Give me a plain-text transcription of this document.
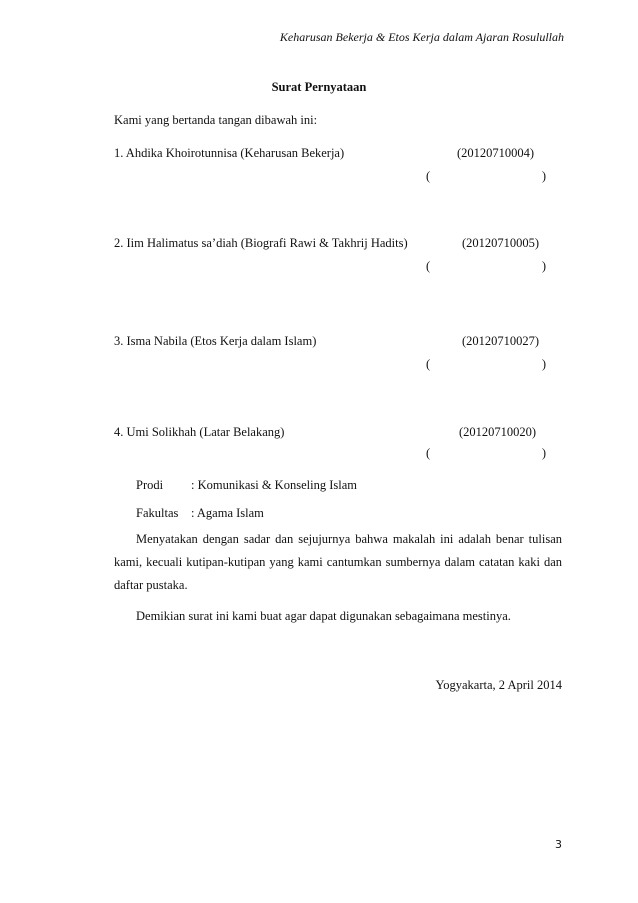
Keharusan Bekerja & Etos Kerja dalam Ajaran Rosulullah
Surat Pernyataan
Kami yang bertanda tangan dibawah ini:
1. Ahdika Khoirotunnisa (Keharusan Bekerja)	(20120710004)
(	)
2. Iim Halimatus sa’diah (Biografi Rawi & Takhrij Hadits)	(20120710005)
(	)
3. Isma Nabila (Etos Kerja dalam Islam)	(20120710027)
(	)
4. Umi Solikhah (Latar Belakang)	(20120710020)
(	)
Prodi : Komunikasi & Konseling Islam
Fakultas : Agama Islam
Menyatakan dengan sadar dan sejujurnya bahwa makalah ini adalah benar tulisan kami, kecuali kutipan-kutipan yang kami cantumkan sumbernya dalam catatan kaki dan daftar pustaka.
Demikian surat ini kami buat agar dapat digunakan sebagaimana mestinya.
Yogyakarta, 2 April 2014
3
